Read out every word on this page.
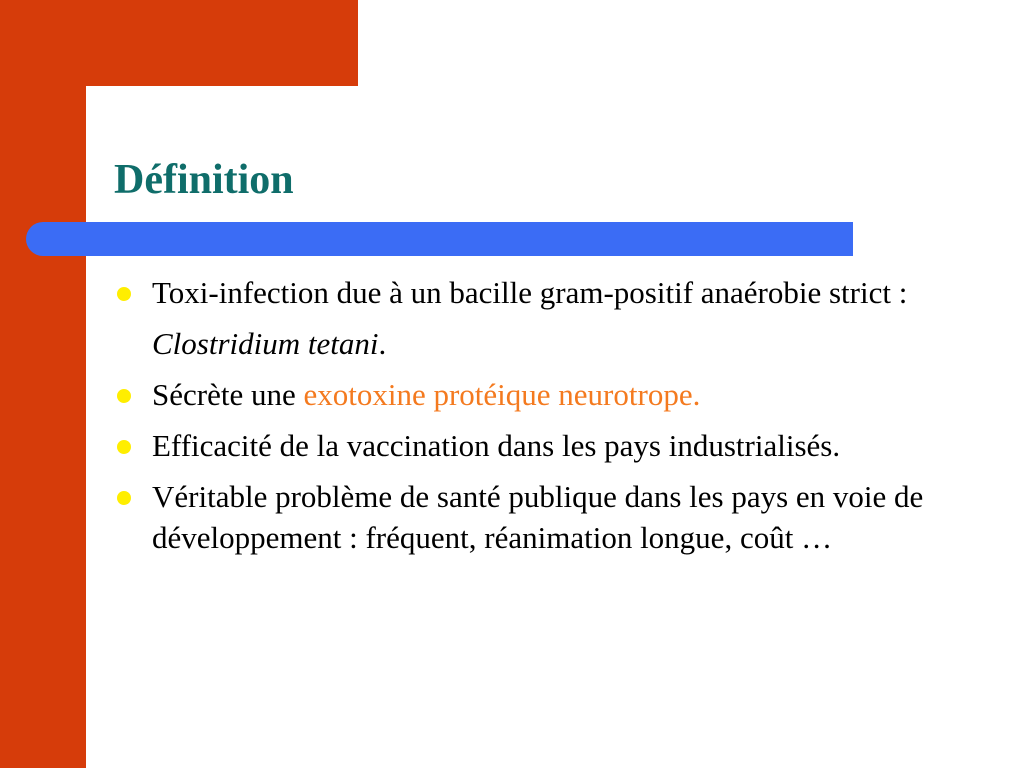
Définition
Toxi-infection due à un bacille gram-positif anaérobie strict :
Clostridium tetani.
Sécrète une exotoxine protéique neurotrope.
Efficacité de la vaccination dans les pays industrialisés.
Véritable problème de santé publique dans les pays en voie de développement : fréquent, réanimation longue, coût …
